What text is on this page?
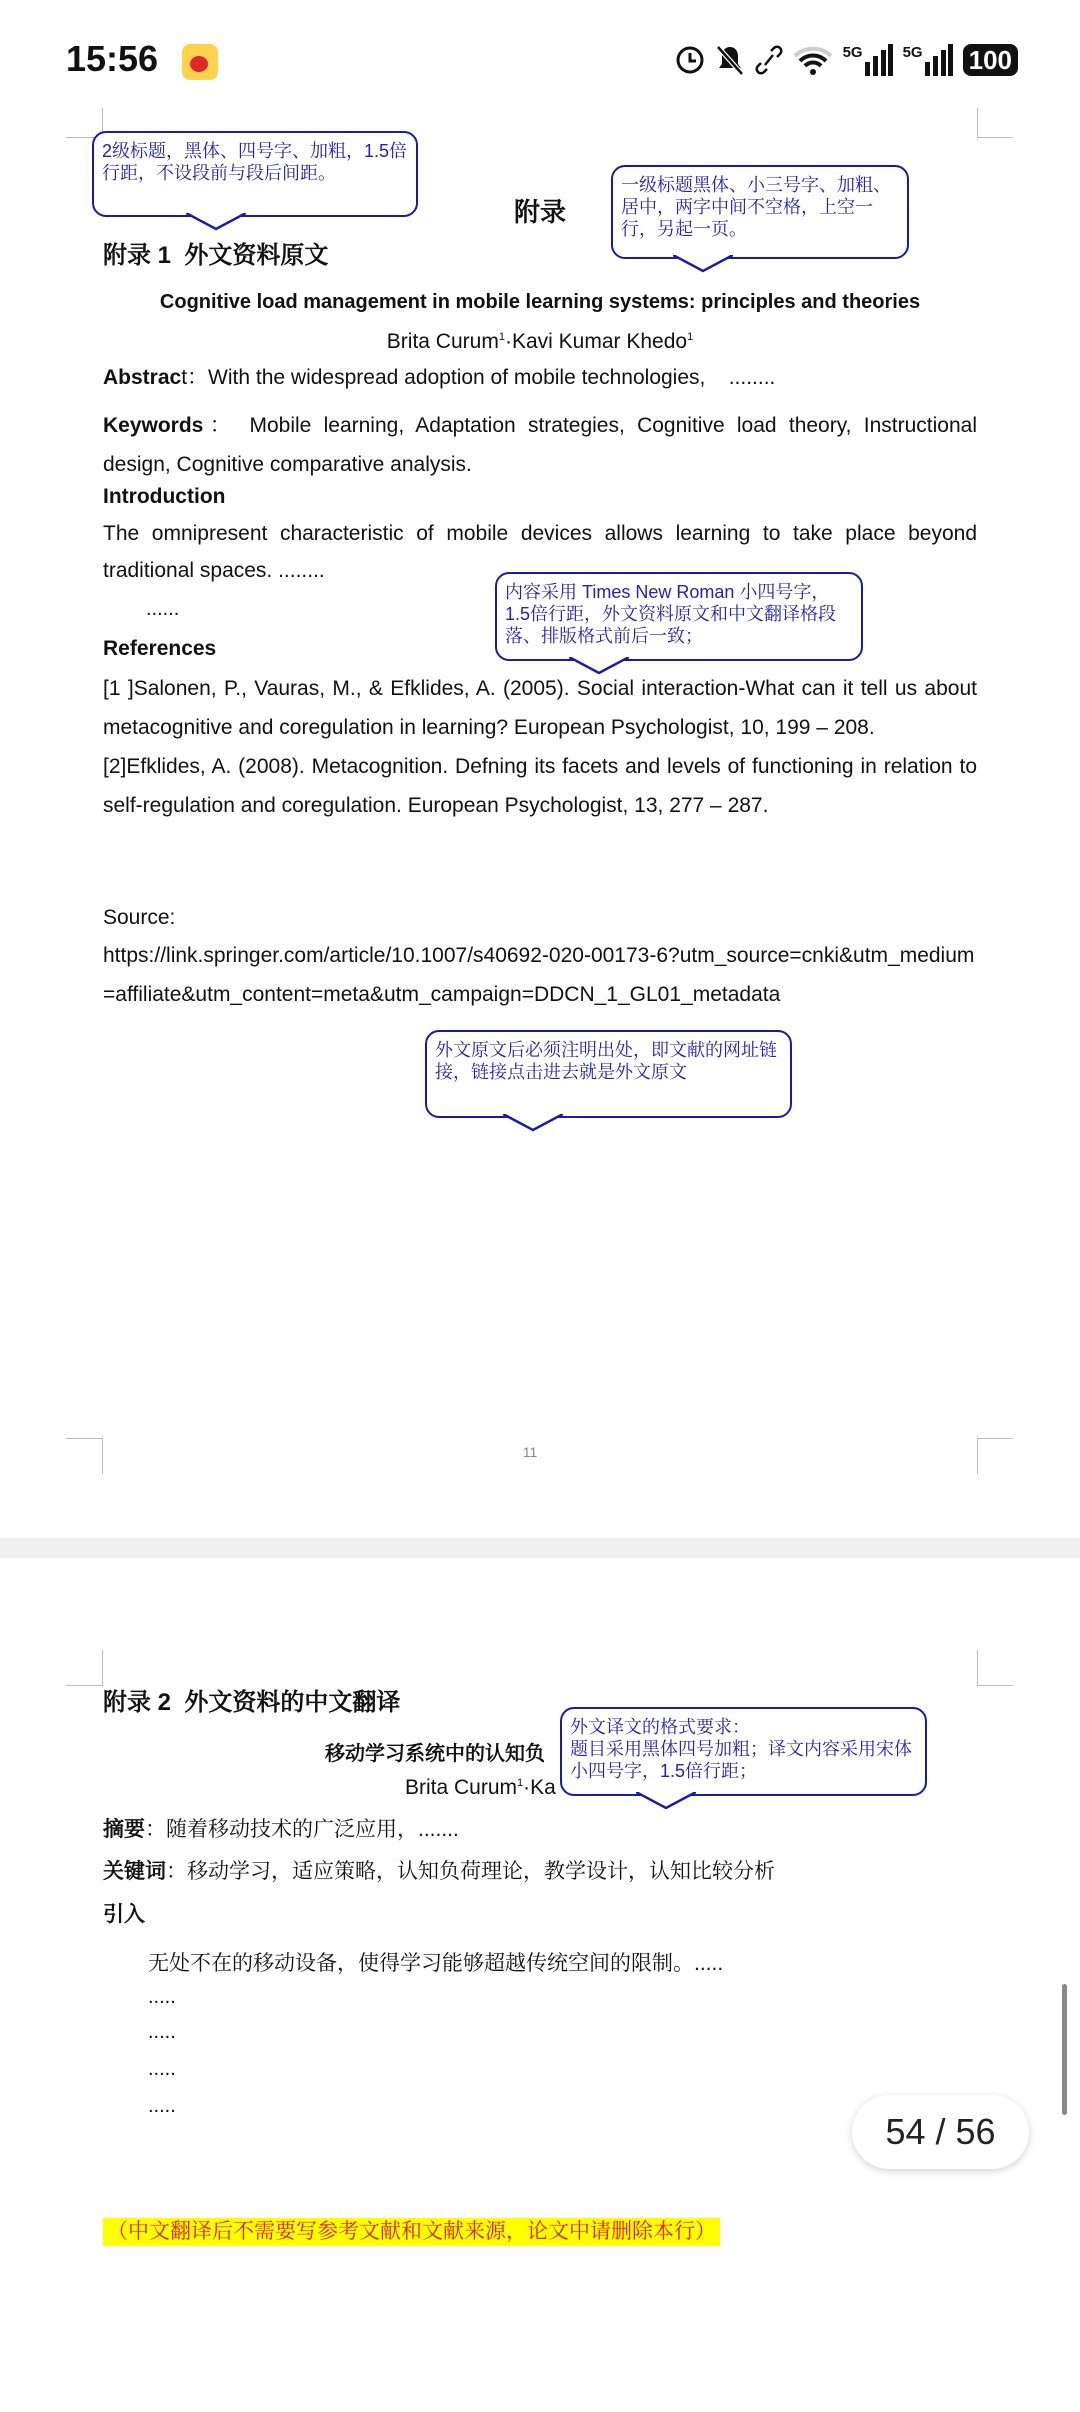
15:56	5G	5G 100
附录
2级标题，黑体、四号字、加粗，1.5倍行距，不设段前与段后间距。
一级标题黑体、小三号字、加粗、居中，两字中间不空格，上空一行，另起一页。
附录 1  外文资料原文
Cognitive load management in mobile learning systems: principles and theories
Brita Curum$^1$·Kavi Kumar Khedo$^1$
Abstract：With the widespread adoption of mobile technologies,    ........
Keywords： Mobile learning, Adaptation strategies, Cognitive load theory, Instructional design, Cognitive comparative analysis.
Introduction
The omnipresent characteristic of mobile devices allows learning to take place beyond traditional spaces. ........
......
内容采用 Times New Roman 小四号字，1.5倍行距，外文资料原文和中文翻译格段落、排版格式前后一致；
References
[1 ]Salonen, P., Vauras, M., & Efklides, A. (2005). Social interaction-What can it tell us about metacognitive and coregulation in learning? European Psychologist, 10, 199 – 208.
[2]Efklides, A. (2008). Metacognition. Defning its facets and levels of functioning in relation to self-regulation and coregulation. European Psychologist, 13, 277 – 287.
Source:
https://link.springer.com/article/10.1007/s40692-020-00173-6?utm_source=cnki&utm_medium=affiliate&utm_content=meta&utm_campaign=DDCN_1_GL01_metadata
外文原文后必须注明出处，即文献的网址链接，链接点击进去就是外文原文
11
附录 2  外文资料的中文翻译
移动学习系统中的认知负
Brita Curum$^1$·Ka
外文译文的格式要求：
题目采用黑体四号加粗；译文内容采用宋体小四号字，1.5倍行距；
摘要：随着移动技术的广泛应用，.......
关键词：移动学习，适应策略，认知负荷理论，教学设计，认知比较分析
引入
无处不在的移动设备，使得学习能够超越传统空间的限制。.....
.....
.....
.....
.....
（中文翻译后不需要写参考文献和文献来源，论文中请删除本行）
54 / 56
